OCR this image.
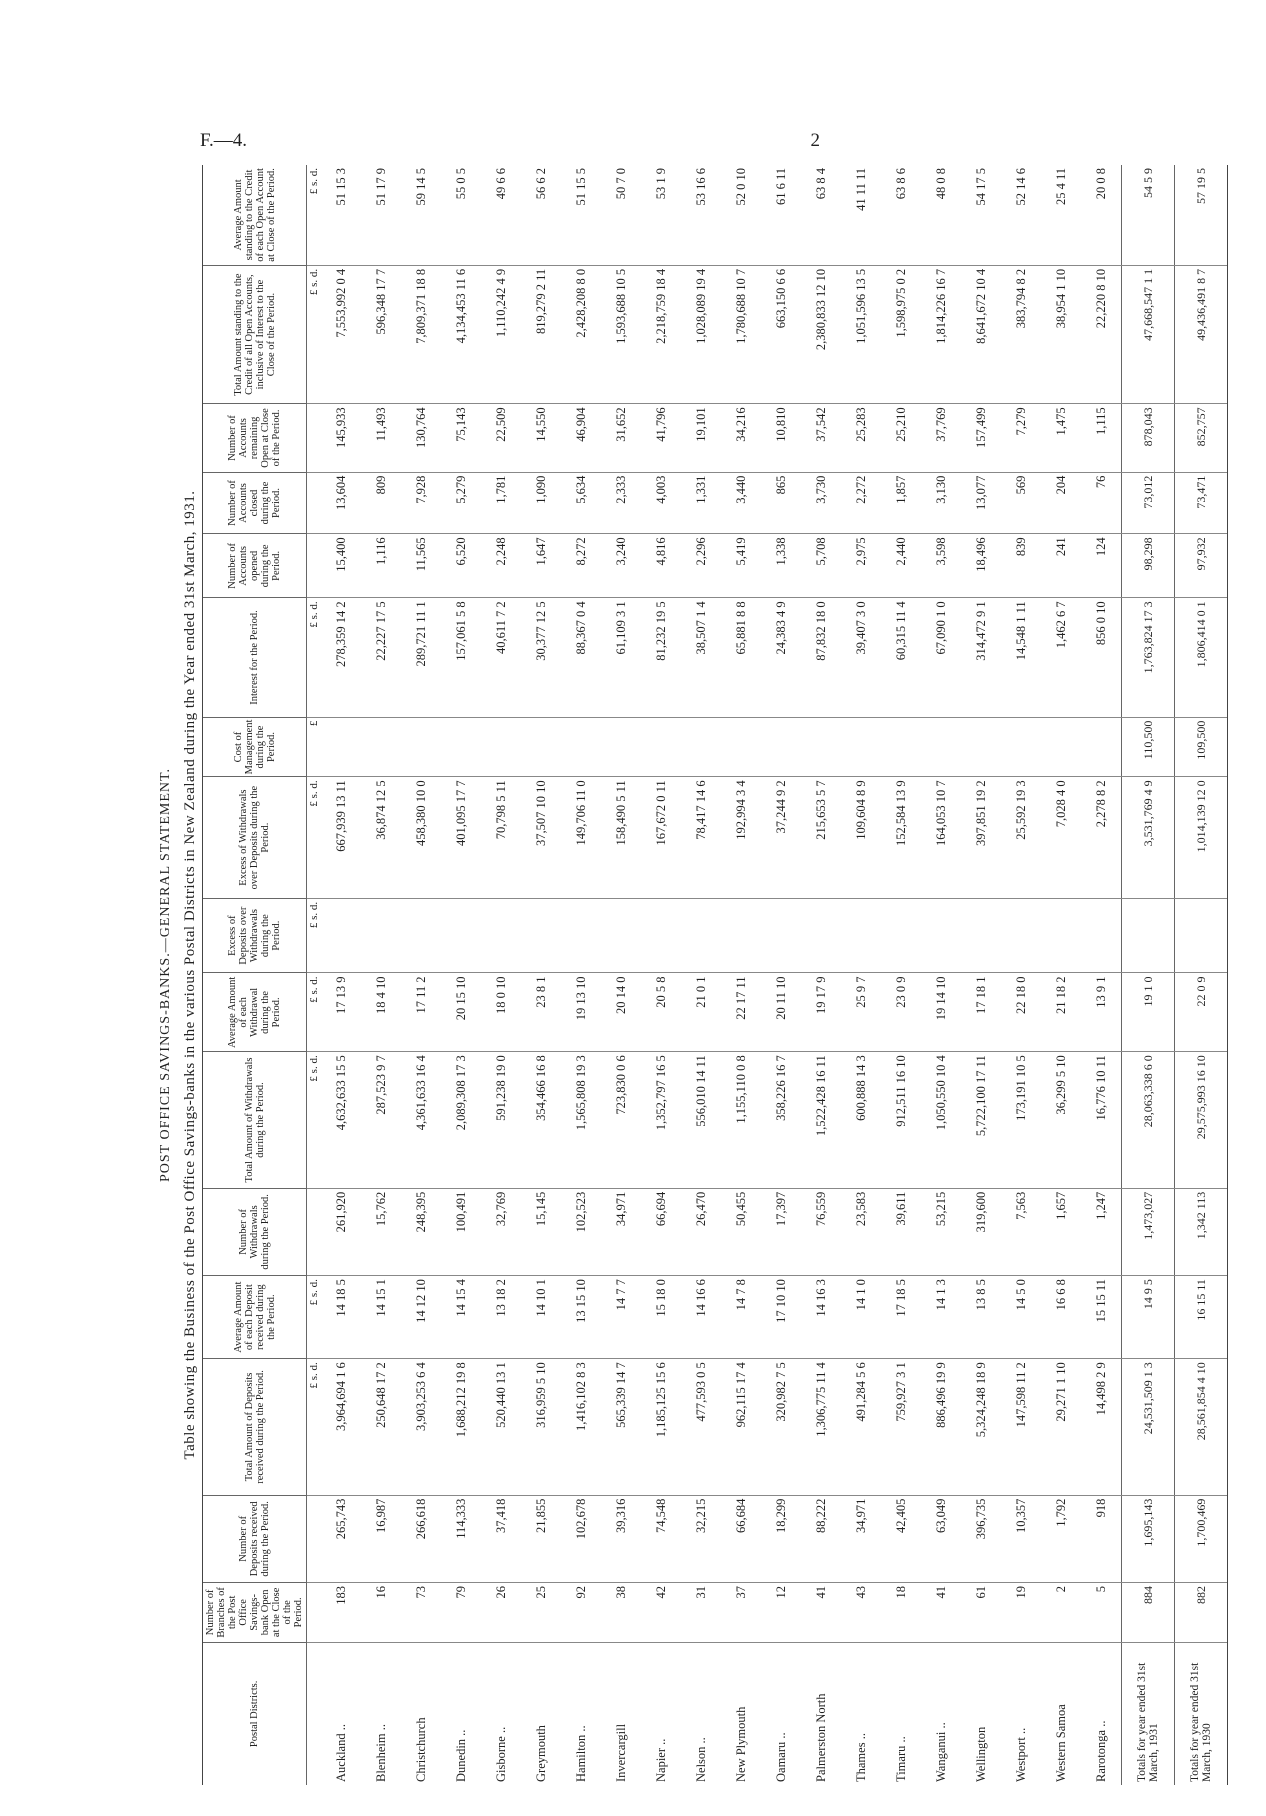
F.—4.	2
POST OFFICE SAVINGS-BANKS.—GENERAL STATEMENT. Table showing the Business of the Post Office Savings-banks in the various Postal Districts in New Zealand during the Year ended 31st March, 1931.
Postal Districts.	Number of Branches of the Post Office Savings-bank Open at the Close of the Period.	Number of Deposits received during the Period.	Total Amount of Deposits received during the Period.	Average Amount of each Deposit received during the Period.	Number of Withdrawals during the Period.	Total Amount of Withdrawals during the Period.	Average Amount of each Withdrawal during the Period.	Excess of Deposits over Withdrawals during the Period.	Excess of Withdrawals over Deposits during the Period.	Cost of Management during the Period.	Interest for the Period.	Number of Accounts opened during the Period.	Number of Accounts closed during the Period.	Number of Accounts remaining Open at Close of the Period.	Total Amount standing to the Credit of all Open Accounts, inclusive of Interest to the Close of the Period.	Average Amount standing to the Credit of each Open Account at Close of the Period.
			£ s. d.	£ s. d.		£ s. d.	£ s. d.	£ s. d.	£ s. d.	£	£ s. d.				£ s. d.	£ s. d.
Auckland ..	183	265,743	3,964,694 1 6	14 18 5	261,920	4,632,633 15 5	17 13 9		667,939 13 11		278,359 14 2	15,400	13,604	145,933	7,553,992 0 4	51 15 3
Blenheim ..	16	16,987	250,648 17 2	14 15 1	15,762	287,523 9 7	18 4 10		36,874 12 5		22,227 17 5	1,116	809	11,493	596,348 17 7	51 17 9
Christchurch	73	266,618	3,903,253 6 4	14 12 10	248,395	4,361,633 16 4	17 11 2		458,380 10 0		289,721 11 1	11,565	7,928	130,764	7,809,371 18 8	59 14 5
Dunedin ..	79	114,333	1,688,212 19 8	14 15 4	100,491	2,089,308 17 3	20 15 10		401,095 17 7		157,061 5 8	6,520	5,279	75,143	4,134,453 11 6	55 0 5
Gisborne ..	26	37,418	520,440 13 1	13 18 2	32,769	591,238 19 0	18 0 10		70,798 5 11		40,611 7 2	2,248	1,781	22,509	1,110,242 4 9	49 6 6
Greymouth	25	21,855	316,959 5 10	14 10 1	15,145	354,466 16 8	23 8 1		37,507 10 10		30,377 12 5	1,647	1,090	14,550	819,279 2 11	56 6 2
Hamilton ..	92	102,678	1,416,102 8 3	13 15 10	102,523	1,565,808 19 3	19 13 10		149,706 11 0		88,367 0 4	8,272	5,634	46,904	2,428,208 8 0	51 15 5
Invercargill	38	39,316	565,339 14 7	14 7 7	34,971	723,830 0 6	20 14 0		158,490 5 11		61,109 3 1	3,240	2,333	31,652	1,593,688 10 5	50 7 0
Napier ..	42	74,548	1,185,125 15 6	15 18 0	66,694	1,352,797 16 5	20 5 8		167,672 0 11		81,232 19 5	4,816	4,003	41,796	2,218,759 18 4	53 1 9
Nelson ..	31	32,215	477,593 0 5	14 16 6	26,470	556,010 14 11	21 0 1		78,417 14 6		38,507 1 4	2,296	1,331	19,101	1,028,089 19 4	53 16 6
New Plymouth	37	66,684	962,115 17 4	14 7 8	50,455	1,155,110 0 8	22 17 11		192,994 3 4		65,881 8 8	5,419	3,440	34,216	1,780,688 10 7	52 0 10
Oamaru ..	12	18,299	320,982 7 5	17 10 10	17,397	358,226 16 7	20 11 10		37,244 9 2		24,383 4 9	1,338	865	10,810	663,150 6 6	61 6 11
Palmerston North	41	88,222	1,306,775 11 4	14 16 3	76,559	1,522,428 16 11	19 17 9		215,653 5 7		87,832 18 0	5,708	3,730	37,542	2,380,833 12 10	63 8 4
Thames ..	43	34,971	491,284 5 6	14 1 0	23,583	600,888 14 3	25 9 7		109,604 8 9		39,407 3 0	2,975	2,272	25,283	1,051,596 13 5	41 11 11
Timaru ..	18	42,405	759,927 3 1	17 18 5	39,611	912,511 16 10	23 0 9		152,584 13 9		60,315 11 4	2,440	1,857	25,210	1,598,975 0 2	63 8 6
Wanganui ..	41	63,049	886,496 19 9	14 1 3	53,215	1,050,550 10 4	19 14 10		164,053 10 7		67,090 1 0	3,598	3,130	37,769	1,814,226 16 7	48 0 8
Wellington	61	396,735	5,324,248 18 9	13 8 5	319,600	5,722,100 17 11	17 18 1		397,851 19 2		314,472 9 1	18,496	13,077	157,499	8,641,672 10 4	54 17 5
Westport ..	19	10,357	147,598 11 2	14 5 0	7,563	173,191 10 5	22 18 0		25,592 19 3		14,548 1 11	839	569	7,279	383,794 8 2	52 14 6
Western Samoa	2	1,792	29,271 1 10	16 6 8	1,657	36,299 5 10	21 18 2		7,028 4 0		1,462 6 7	241	204	1,475	38,954 1 10	25 4 11
Rarotonga ..	5	918	14,498 2 9	15 15 11	1,247	16,776 10 11	13 9 1		2,278 8 2		856 0 10	124	76	1,115	22,220 8 10	20 0 8
Totals for year ended 31st March, 1931	884	1,695,143	24,531,509 1 3	14 9 5	1,473,027	28,063,338 6 0	19 1 0		3,531,769 4 9	110,500	1,763,824 17 3	98,298	73,012	878,043	47,668,547 1 1	54 5 9
Totals for year ended 31st March, 1930	882	1,700,469	28,561,854 4 10	16 15 11	1,342 113	29,575,993 16 10	22 0 9		1,014,139 12 0	109,500	1,806,414 0 1	97,932	73,471	852,757	49,436,491 8 7	57 19 5
